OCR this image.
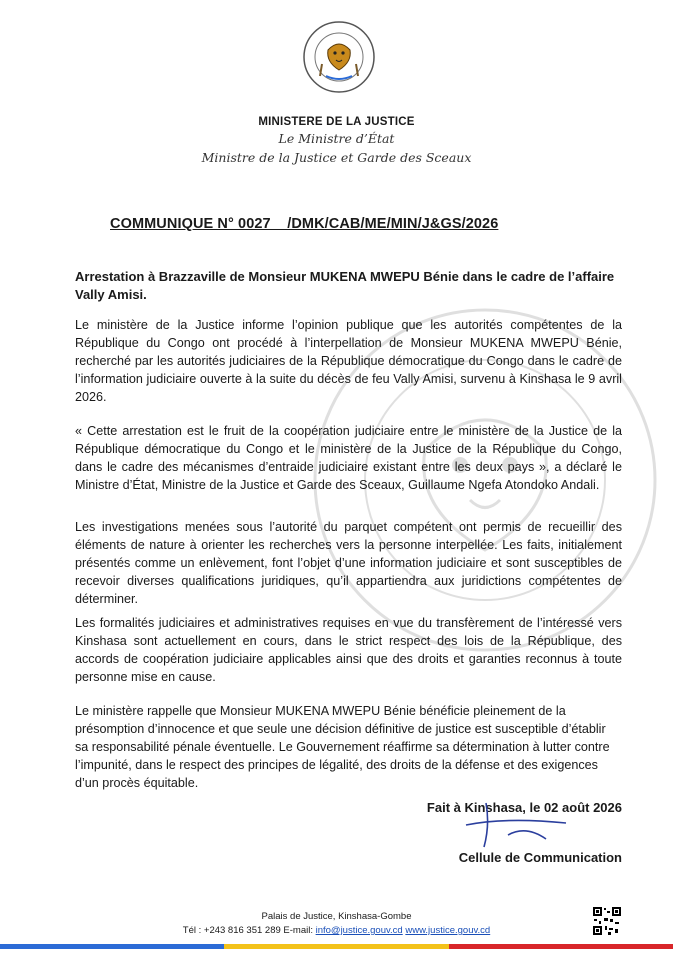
MINISTERE DE LA JUSTICE
Le Ministre d’État
Ministre de la Justice et Garde des Sceaux
COMMUNIQUE N° 0027    /DMK/CAB/ME/MIN/J&GS/2026
Arrestation à Brazzaville de Monsieur MUKENA MWEPU Bénie dans le cadre de l’affaire Vally Amisi.

Le ministère de la Justice informe l’opinion publique que les autorités compétentes de la République du Congo ont procédé à l’interpellation de Monsieur MUKENA MWEPU Bénie, recherché par les autorités judiciaires de la République démocratique du Congo dans le cadre de l’information judiciaire ouverte à la suite du décès de feu Vally Amisi, survenu à Kinshasa le 9 avril 2026.

« Cette arrestation est le fruit de la coopération judiciaire entre le ministère de la Justice de la République démocratique du Congo et le ministère de la Justice de la République du Congo, dans le cadre des mécanismes d’entraide judiciaire existant entre les deux pays », a déclaré le Ministre d’État, Ministre de la Justice et Garde des Sceaux, Guillaume Ngefa Atondoko Andali.

Les investigations menées sous l’autorité du parquet compétent ont permis de recueillir des éléments de nature à orienter les recherches vers la personne interpellée. Les faits, initialement présentés comme un enlèvement, font l’objet d’une information judiciaire et sont susceptibles de recevoir diverses qualifications juridiques, qu’il appartiendra aux juridictions compétentes de déterminer.

Les formalités judiciaires et administratives requises en vue du transfèrement de l’intéressé vers Kinshasa sont actuellement en cours, dans le strict respect des lois de la République, des accords de coopération judiciaire applicables ainsi que des droits et garanties reconnus à toute personne mise en cause.

Le ministère rappelle que Monsieur MUKENA MWEPU Bénie bénéficie pleinement de la présomption d’innocence et que seule une décision définitive de justice est susceptible d’établir sa responsabilité pénale éventuelle. Le Gouvernement réaffirme sa détermination à lutter contre l’impunité, dans le respect des principes de légalité, des droits de la défense et des exigences d’un procès équitable.

Fait à Kinshasa, le 02 août 2026
Cellule de Communication
Palais de Justice, Kinshasa-Gombe
Tél : +243 816 351 289 E-mail: info@justice.gouv.cd www.justice.gouv.cd
